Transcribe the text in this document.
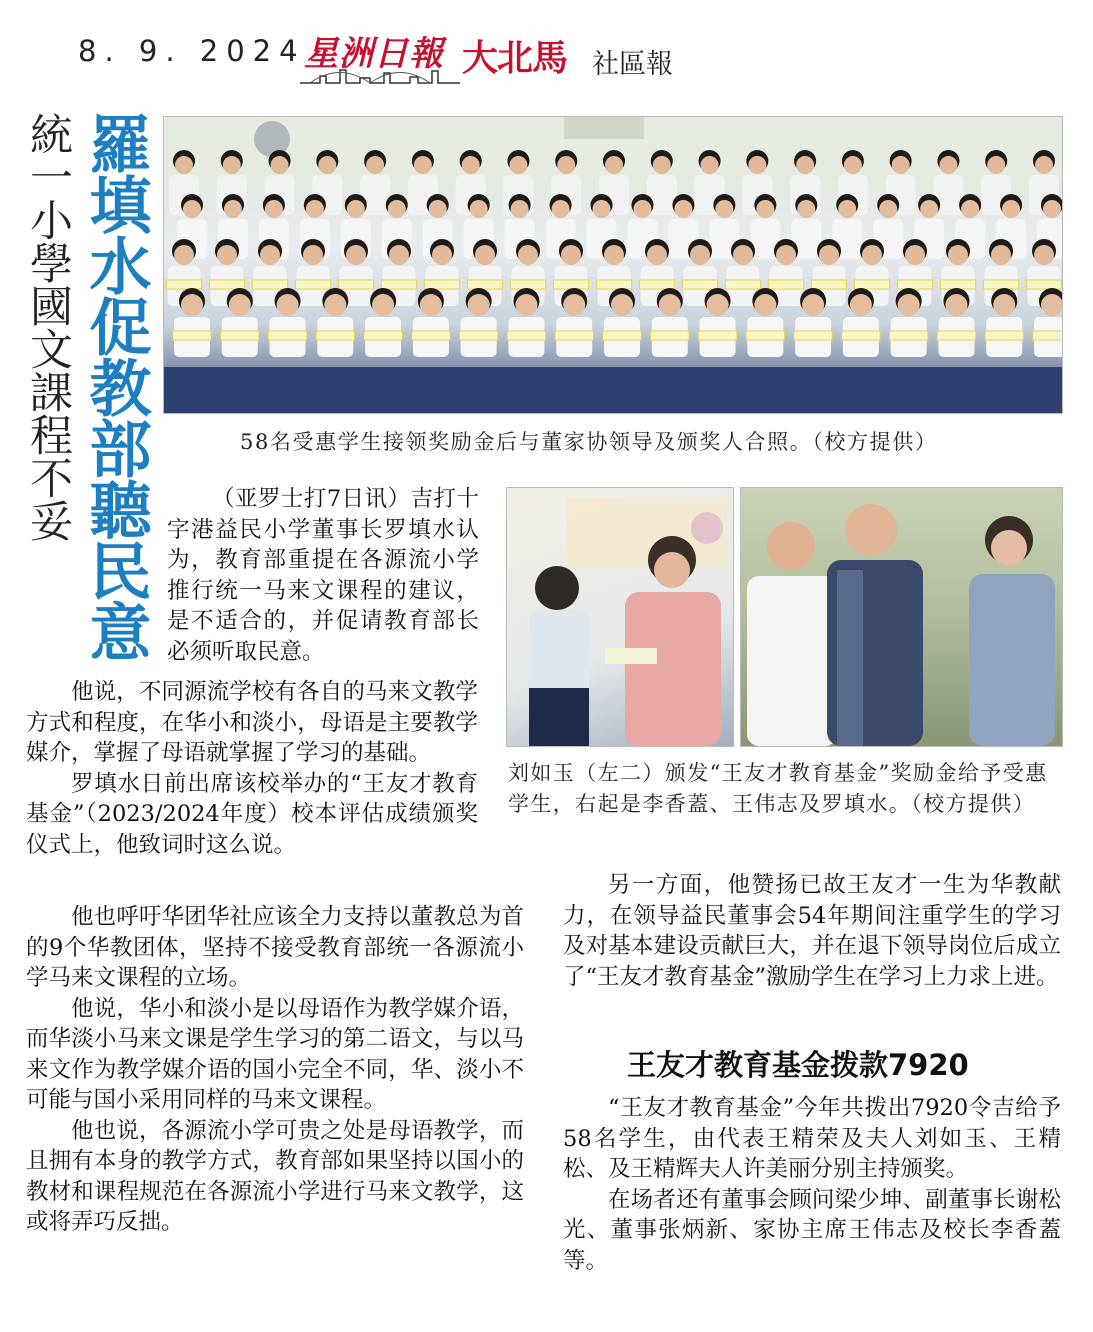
8. 9. 2024
星洲日報 大北馬 社區報
統一小學國文課程不妥 羅填水促教部聽民意	58名受惠学生接领奖励金后与董家协领导及颁奖人合照。（校方提供）

（亚罗士打7日讯）吉打十字港益民小学董事长罗填水认为，教育部重提在各源流小学推行统一马来文课程的建议，是不适合的，并促请教育部长必须听取民意。

刘如玉（左二）颁发“王友才教育基金”奖励金给予受惠学生，右起是李香蓋、王伟志及罗填水。（校方提供）

他说，不同源流学校有各自的马来文教学方式和程度，在华小和淡小，母语是主要教学媒介，掌握了母语就掌握了学习的基础。

罗填水日前出席该校举办的“王友才教育基金”（2023/2024年度）校本评估成绩颁奖仪式上，他致词时这么说。

他也呼吁华团华社应该全力支持以董教总为首的9个华教团体，坚持不接受教育部统一各源流小学马来文课程的立场。

他说，华小和淡小是以母语作为教学媒介语，而华淡小马来文课是学生学习的第二语文，与以马来文作为教学媒介语的国小完全不同，华、淡小不可能与国小采用同样的马来文课程。

他也说，各源流小学可贵之处是母语教学，而且拥有本身的教学方式，教育部如果坚持以国小的教材和课程规范在各源流小学进行马来文教学，这或将弄巧反拙。

另一方面，他赞扬已故王友才一生为华教献力，在领导益民董事会54年期间注重学生的学习及对基本建设贡献巨大，并在退下领导岗位后成立了“王友才教育基金”激励学生在学习上力求上进。

王友才教育基金拨款7920

“王友才教育基金”今年共拨出7920令吉给予58名学生，由代表王精荣及夫人刘如玉、王精松、及王精辉夫人许美丽分别主持颁奖。

在场者还有董事会顾问梁少坤、副董事长谢松光、董事张炳新、家协主席王伟志及校长李香蓋等。
